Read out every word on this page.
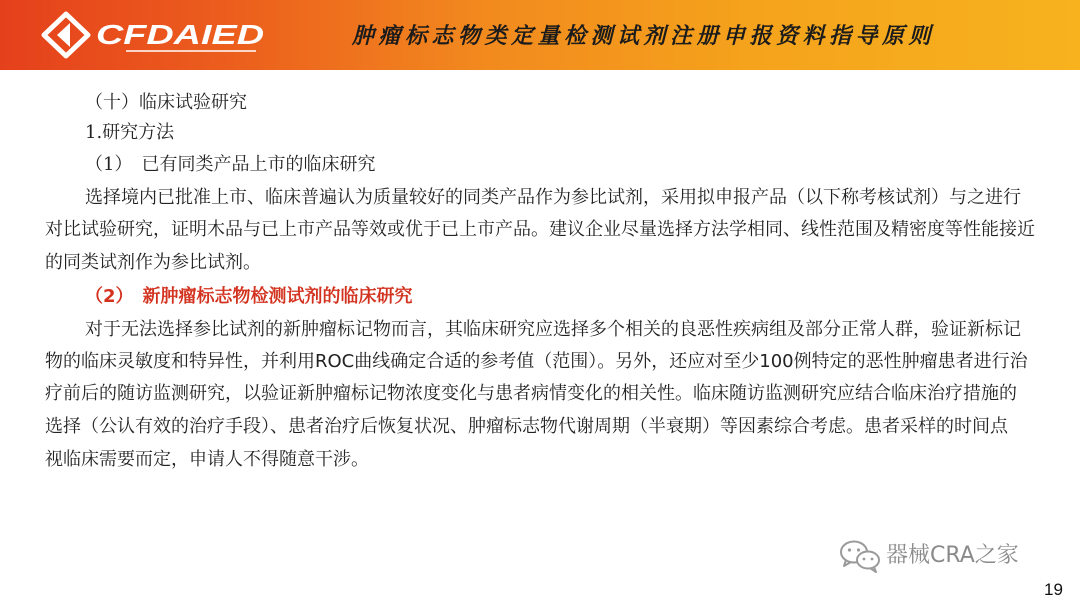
CFDAIED	肿瘤标志物类定量检测试剂注册申报资料指导原则
（十）临床试验研究
1.研究方法
（1）　已有同类产品上市的临床研究
选择境内已批准上市、临床普遍认为质量较好的同类产品作为参比试剂，采用拟申报产品（以下称考核试剂）与之进行
对比试验研究，证明木品与已上市产品等效或优于已上市产品。建议企业尽量选择方法学相同、线性范围及精密度等性能接近
的同类试剂作为参比试剂。
（2）　新肿瘤标志物检测试剂的临床研究
对于无法选择参比试剂的新肿瘤标记物而言，其临床研究应选择多个相关的良恶性疾病组及部分正常人群，验证新标记
物的临床灵敏度和特异性，并利用ROC曲线确定合适的参考值（范围）。另外，还应对至少100例特定的恶性肿瘤患者进行治
疗前后的随访监测研究，以验证新肿瘤标记物浓度变化与患者病情变化的相关性。临床随访监测研究应结合临床治疗措施的
选择（公认有效的治疗手段）、患者治疗后恢复状况、肿瘤标志物代谢周期（半衰期）等因素综合考虑。患者采样的时间点
视临床需要而定，申请人不得随意干涉。
器械CRA之家
19
